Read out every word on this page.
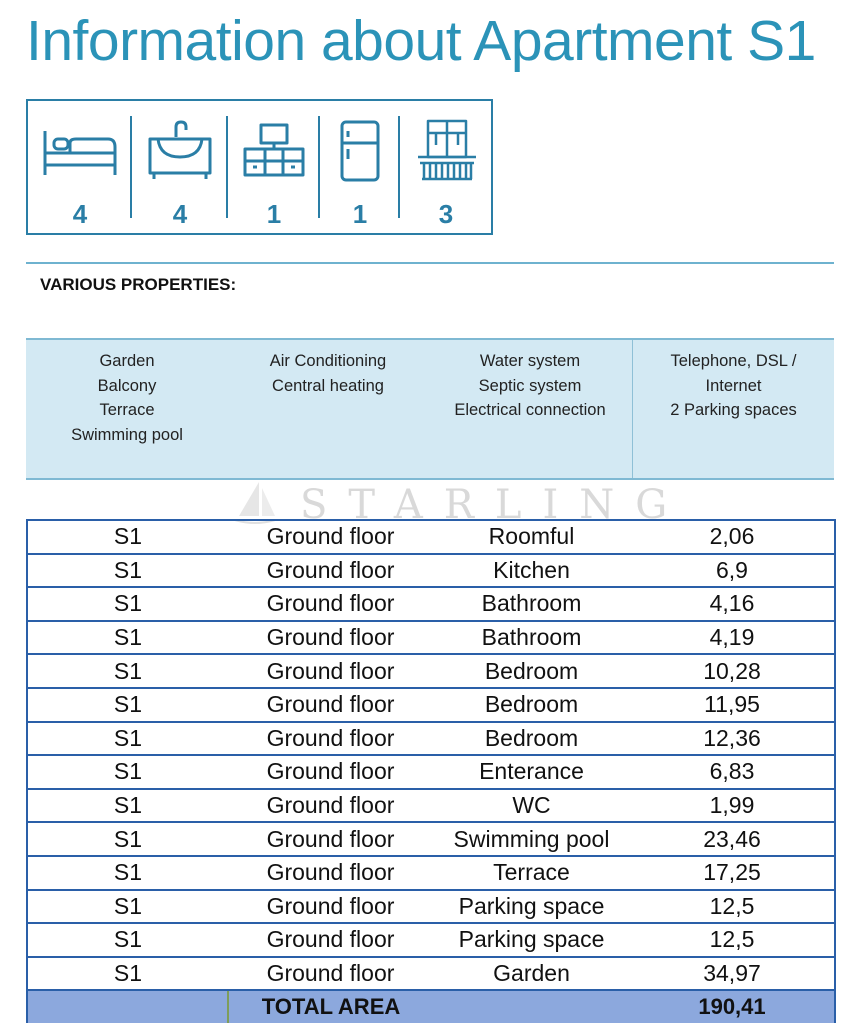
Information about Apartment S1
4	4	1	1	3
VARIOUS PROPERTIES:
Garden
Balcony
Terrace
Swimming pool
Air Conditioning
Central heating
Water system
Septic system
Electrical connection
Telephone, DSL /
Internet
2 Parking spaces
STARLING
S1	Ground floor	Roomful	2,06
S1	Ground floor	Kitchen	6,9
S1	Ground floor	Bathroom	4,16
S1	Ground floor	Bathroom	4,19
S1	Ground floor	Bedroom	10,28
S1	Ground floor	Bedroom	11,95
S1	Ground floor	Bedroom	12,36
S1	Ground floor	Enterance	6,83
S1	Ground floor	WC	1,99
S1	Ground floor	Swimming pool	23,46
S1	Ground floor	Terrace	17,25
S1	Ground floor	Parking space	12,5
S1	Ground floor	Parking space	12,5
S1	Ground floor	Garden	34,97
	TOTAL AREA		190,41
